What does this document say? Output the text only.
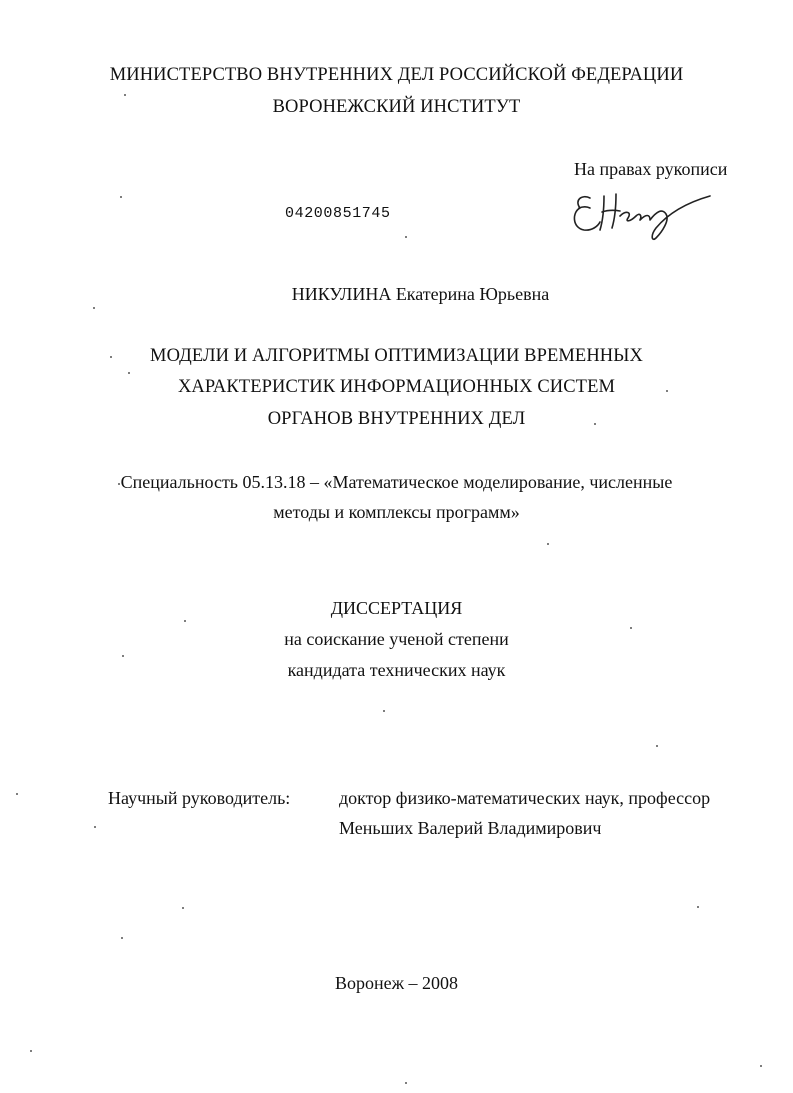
МИНИСТЕРСТВО ВНУТРЕННИХ ДЕЛ РОССИЙСКОЙ ФЕДЕРАЦИИ
ВОРОНЕЖСКИЙ ИНСТИТУТ
На правах рукописи
04200851745
НИКУЛИНА Екатерина Юрьевна
МОДЕЛИ И АЛГОРИТМЫ ОПТИМИЗАЦИИ ВРЕМЕННЫХ
ХАРАКТЕРИСТИК ИНФОРМАЦИОННЫХ СИСТЕМ
ОРГАНОВ ВНУТРЕННИХ ДЕЛ
Специальность 05.13.18 – «Математическое моделирование, численные
методы и комплексы программ»
ДИССЕРТАЦИЯ
на соискание ученой степени
кандидата технических наук
Научный руководитель:	доктор физико-математических наук, профессор
Меньших Валерий Владимирович
Воронеж – 2008
